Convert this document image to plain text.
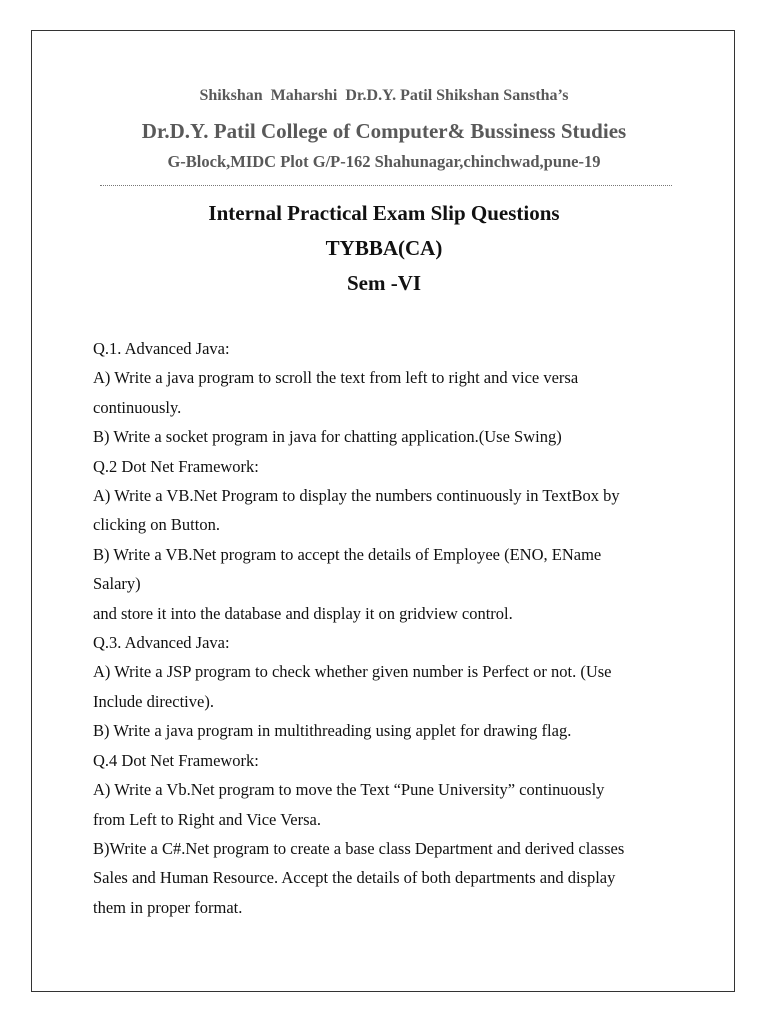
Shikshan  Maharshi  Dr.D.Y. Patil Shikshan Sanstha’s
Dr.D.Y. Patil College of Computer& Bussiness Studies
G-Block,MIDC Plot G/P-162 Shahunagar,chinchwad,pune-19
Internal Practical Exam Slip Questions
TYBBA(CA)
Sem -VI
Q.1. Advanced Java:
A) Write a java program to scroll the text from left to right and vice versa
continuously.
B) Write a socket program in java for chatting application.(Use Swing)
Q.2 Dot Net Framework:
A) Write a VB.Net Program to display the numbers continuously in TextBox by
clicking on Button.
B) Write a VB.Net program to accept the details of Employee (ENO, EName
Salary)
and store it into the database and display it on gridview control.
Q.3. Advanced Java:
A) Write a JSP program to check whether given number is Perfect or not. (Use
Include directive).
B) Write a java program in multithreading using applet for drawing flag.
Q.4 Dot Net Framework:
A) Write a Vb.Net program to move the Text “Pune University” continuously
from Left to Right and Vice Versa.
B)Write a C#.Net program to create a base class Department and derived classes
Sales and Human Resource. Accept the details of both departments and display
them in proper format.
